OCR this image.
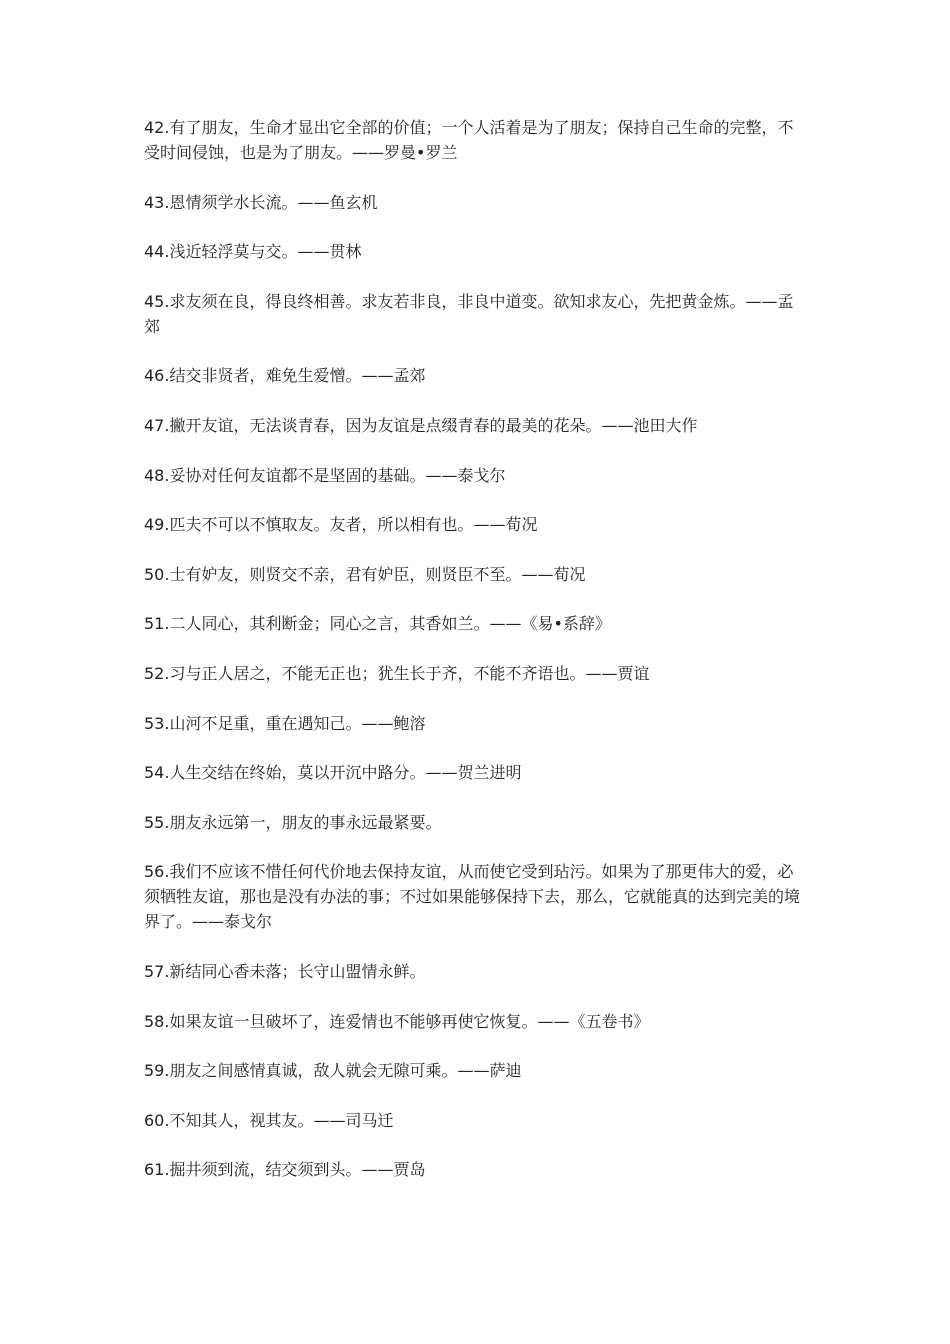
42.有了朋友，生命才显出它全部的价值；一个人活着是为了朋友；保持自己生命的完整，不受时间侵蚀，也是为了朋友。——罗曼•罗兰

43.恩情须学水长流。——鱼玄机

44.浅近轻浮莫与交。——贯林

45.求友须在良，得良终相善。求友若非良，非良中道变。欲知求友心，先把黄金炼。——孟郊

46.结交非贤者，难免生爱憎。——孟郊

47.撇开友谊，无法谈青春，因为友谊是点缀青春的最美的花朵。——池田大作

48.妥协对任何友谊都不是坚固的基础。——泰戈尔

49.匹夫不可以不慎取友。友者，所以相有也。——荀况

50.士有妒友，则贤交不亲，君有妒臣，则贤臣不至。——荀况

51.二人同心，其利断金；同心之言，其香如兰。——《易•系辞》

52.习与正人居之，不能无正也；犹生长于齐，不能不齐语也。——贾谊

53.山河不足重，重在遇知己。——鲍溶

54.人生交结在终始，莫以开沉中路分。——贺兰进明

55.朋友永远第一，朋友的事永远最紧要。

56.我们不应该不惜任何代价地去保持友谊，从而使它受到玷污。如果为了那更伟大的爱，必须牺牲友谊，那也是没有办法的事；不过如果能够保持下去，那么，它就能真的达到完美的境界了。——泰戈尔

57.新结同心香未落；长守山盟情永鲜。

58.如果友谊一旦破坏了，连爱情也不能够再使它恢复。——《五卷书》

59.朋友之间感情真诚，敌人就会无隙可乘。——萨迪

60.不知其人，视其友。——司马迁

61.掘井须到流，结交须到头。——贾岛
